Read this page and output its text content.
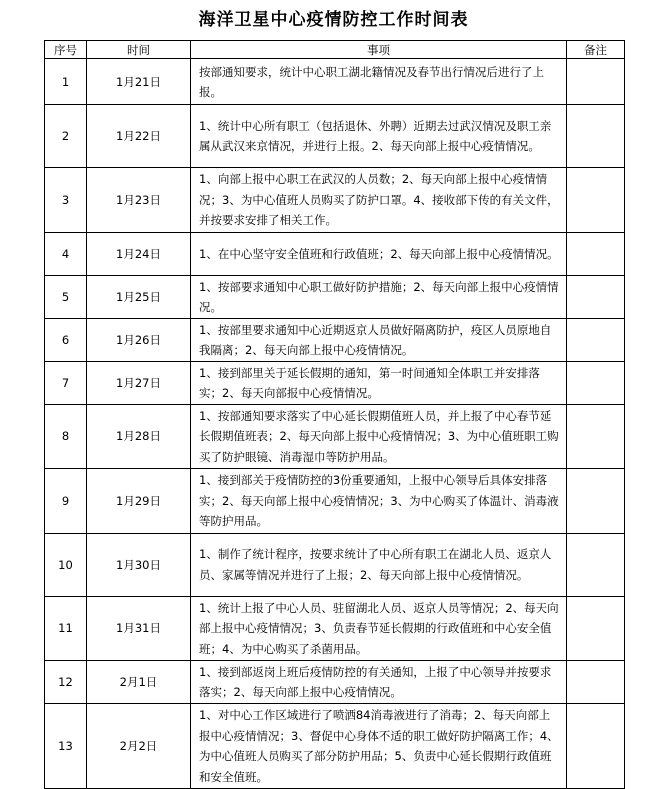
海洋卫星中心疫情防控工作时间表
序号	时间	事项	备注
1	1月21日	按部通知要求，统计中心职工湖北籍情况及春节出行情况后进行了上报。	
2	1月22日	1、统计中心所有职工（包括退休、外聘）近期去过武汉情况及职工亲属从武汉来京情况，并进行上报。2、每天向部上报中心疫情情况。	
3	1月23日	1、向部上报中心职工在武汉的人员数；2、每天向部上报中心疫情情况；3、为中心值班人员购买了防护口罩。4、接收部下传的有关文件，并按要求安排了相关工作。	
4	1月24日	1、在中心坚守安全值班和行政值班；2、每天向部上报中心疫情情况。	
5	1月25日	1、按部要求通知中心职工做好防护措施；2、每天向部上报中心疫情情况。	
6	1月26日	1、按部里要求通知中心近期返京人员做好隔离防护，疫区人员原地自我隔离；2、每天向部上报中心疫情情况。	
7	1月27日	1、接到部里关于延长假期的通知，第一时间通知全体职工并安排落实；2、每天向部报中心疫情情况。	
8	1月28日	1、按部通知要求落实了中心延长假期值班人员，并上报了中心春节延长假期值班表；2、每天向部上报中心疫情情况；3、为中心值班职工购买了防护眼镜、消毒湿巾等防护用品。	
9	1月29日	1、接到部关于疫情防控的3份重要通知，上报中心领导后具体安排落实；2、每天向部上报中心疫情情况；3、为中心购买了体温计、消毒液等防护用品。	
10	1月30日	1、制作了统计程序，按要求统计了中心所有职工在湖北人员、返京人员、家属等情况并进行了上报；2、每天向部上报中心疫情情况。	
11	1月31日	1、统计上报了中心人员、驻留湖北人员、返京人员等情况；2、每天向部上报中心疫情情况；3、负责春节延长假期的行政值班和中心安全值班；4、为中心购买了杀菌用品。	
12	2月1日	1、接到部返岗上班后疫情防控的有关通知，上报了中心领导并按要求落实；2、每天向部上报中心疫情情况。	
13	2月2日	1、对中心工作区域进行了喷洒84消毒液进行了消毒；2、每天向部上报中心疫情情况；3、督促中心身体不适的职工做好防护隔离工作；4、为中心值班人员购买了部分防护用品；5、负责中心延长假期行政值班和安全值班。	
